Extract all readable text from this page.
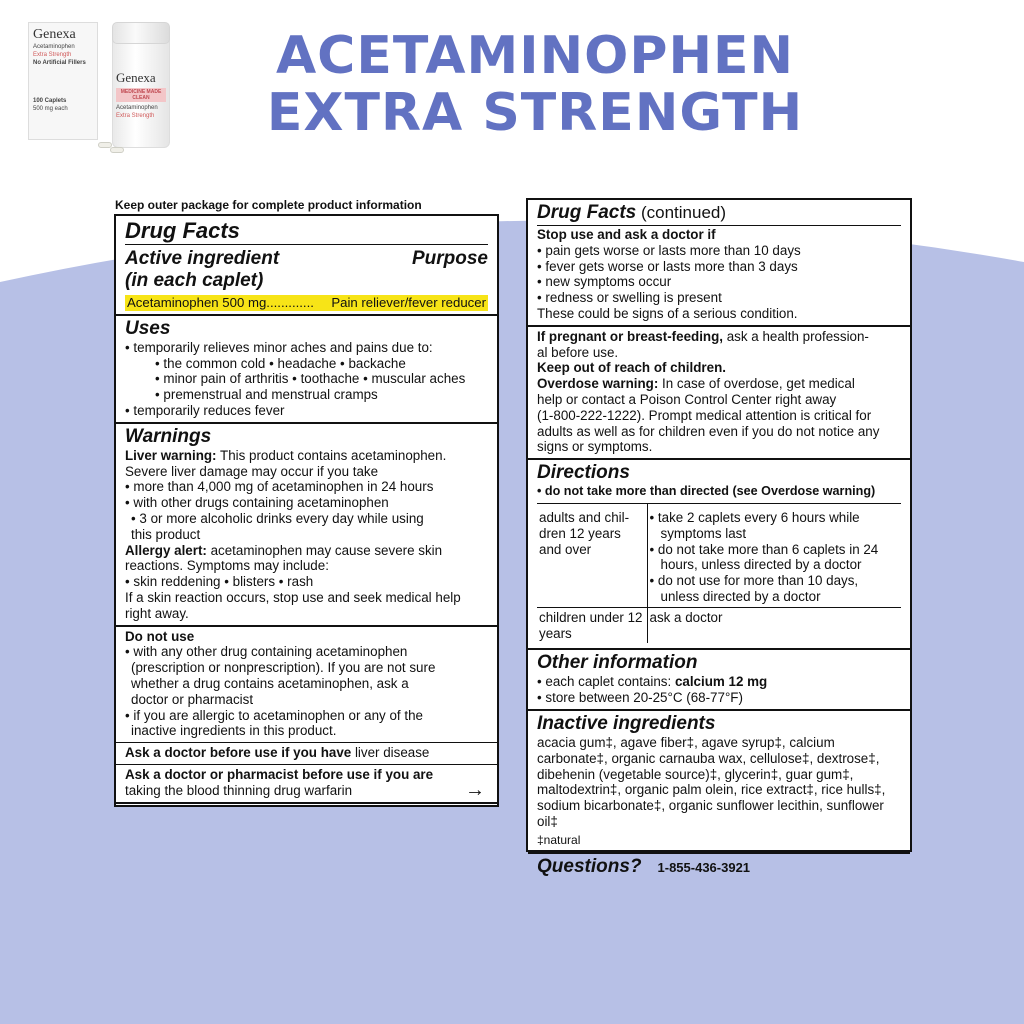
Genexa
Acetaminophen
Extra Strength
No Artificial Fillers
100 Caplets
500 mg each
Genexa
MEDICINE MADE CLEAN
Acetaminophen
Extra Strength
ACETAMINOPHEN
EXTRA STRENGTH
Keep outer package for complete product information
Drug Facts
Active ingredient
(in each caplet)
Purpose
Acetaminophen 500 mg............. Pain reliever/fever reducer
Uses
• temporarily relieves minor aches and pains due to:
• the common cold • headache • backache
• minor pain of arthritis • toothache • muscular aches
• premenstrual and menstrual cramps
• temporarily reduces fever
Warnings
Liver warning: This product contains acetaminophen.
Severe liver damage may occur if you take
• more than 4,000 mg of acetaminophen in 24 hours
• with other drugs containing acetaminophen
• 3 or more alcoholic drinks every day while using
this product
Allergy alert: acetaminophen may cause severe skin
reactions. Symptoms may include:
• skin reddening • blisters • rash
If a skin reaction occurs, stop use and seek medical help
right away.
Do not use
• with any other drug containing acetaminophen
(prescription or nonprescription). If you are not sure
whether a drug contains acetaminophen, ask a
doctor or pharmacist
• if you are allergic to acetaminophen or any of the
inactive ingredients in this product.
Ask a doctor before use if you have liver disease
Ask a doctor or pharmacist before use if you are
taking the blood thinning drug warfarin	→
Drug Facts (continued)
Stop use and ask a doctor if
• pain gets worse or lasts more than 10 days
• fever gets worse or lasts more than 3 days
• new symptoms occur
• redness or swelling is present
These could be signs of a serious condition.
If pregnant or breast-feeding, ask a health profession-
al before use.
Keep out of reach of children.
Overdose warning: In case of overdose, get medical
help or contact a Poison Control Center right away
(1-800-222-1222). Prompt medical attention is critical for
adults as well as for children even if you do not notice any
signs or symptoms.
Directions
• do not take more than directed (see Overdose warning)
adults and chil- dren 12 years and over	• take 2 caplets every 6 hours while symptoms last
• do not take more than 6 caplets in 24 hours, unless directed by a doctor
• do not use for more than 10 days, unless directed by a doctor

children under 12 years	ask a doctor
Other information
• each caplet contains: calcium 12 mg
• store between 20-25°C (68-77°F)
Inactive ingredients
acacia gum‡, agave fiber‡, agave syrup‡, calcium carbonate‡, organic carnauba wax, cellulose‡, dextrose‡, dibehenin (vegetable source)‡, glycerin‡, guar gum‡, maltodextrin‡, organic palm olein, rice extract‡, rice hulls‡, sodium bicarbonate‡, organic sunflower lecithin, sunflower oil‡
‡natural
Questions? 1-855-436-3921
